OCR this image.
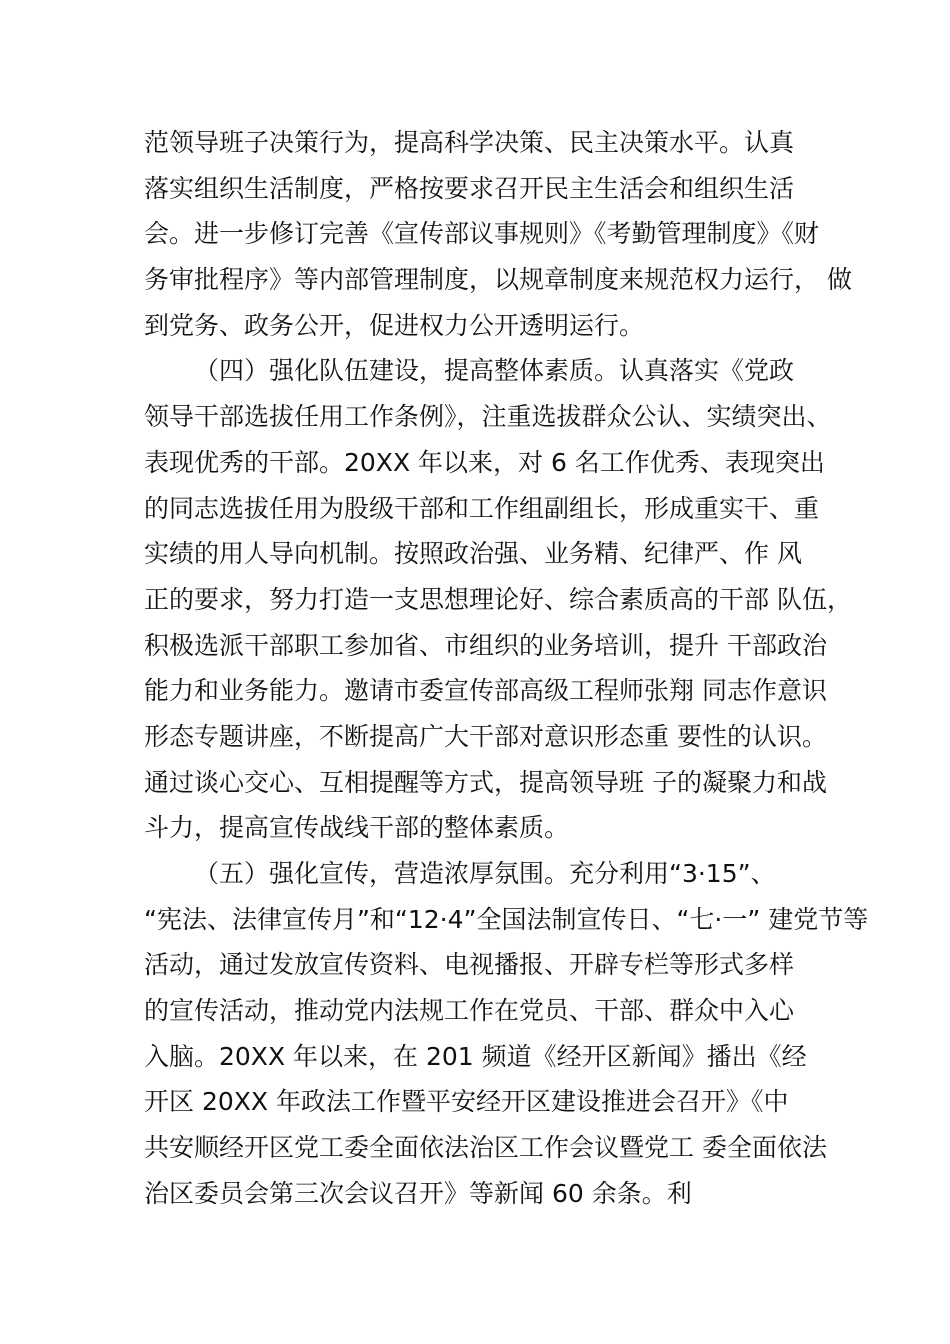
范领导班子决策行为，提高科学决策、民主决策水平。认真
落实组织生活制度，严格按要求召开民主生活会和组织生活
会。进一步修订完善《宣传部议事规则》《考勤管理制度》《财
务审批程序》等内部管理制度，以规章制度来规范权力运行， 做
到党务、政务公开，促进权力公开透明运行。
（四）强化队伍建设，提高整体素质。认真落实《党政
领导干部选拔任用工作条例》，注重选拔群众公认、实绩突出、
表现优秀的干部。20XX 年以来，对 6 名工作优秀、表现突出
的同志选拔任用为股级干部和工作组副组长，形成重实干、重
实绩的用人导向机制。按照政治强、业务精、纪律严、作 风
正的要求，努力打造一支思想理论好、综合素质高的干部 队伍，
积极选派干部职工参加省、市组织的业务培训，提升 干部政治
能力和业务能力。邀请市委宣传部高级工程师张翔 同志作意识
形态专题讲座，不断提高广大干部对意识形态重 要性的认识。
通过谈心交心、互相提醒等方式，提高领导班 子的凝聚力和战
斗力，提高宣传战线干部的整体素质。
（五）强化宣传，营造浓厚氛围。充分利用“3·15”、
“宪法、法律宣传月”和“12·4”全国法制宣传日、“七·一” 建党节等
活动，通过发放宣传资料、电视播报、开辟专栏等形式多样
的宣传活动，推动党内法规工作在党员、干部、群众中入心
入脑。20XX 年以来，在 201 频道《经开区新闻》播出《经
开区 20XX 年政法工作暨平安经开区建设推进会召开》《中
共安顺经开区党工委全面依法治区工作会议暨党工 委全面依法
治区委员会第三次会议召开》等新闻 60 余条。利
